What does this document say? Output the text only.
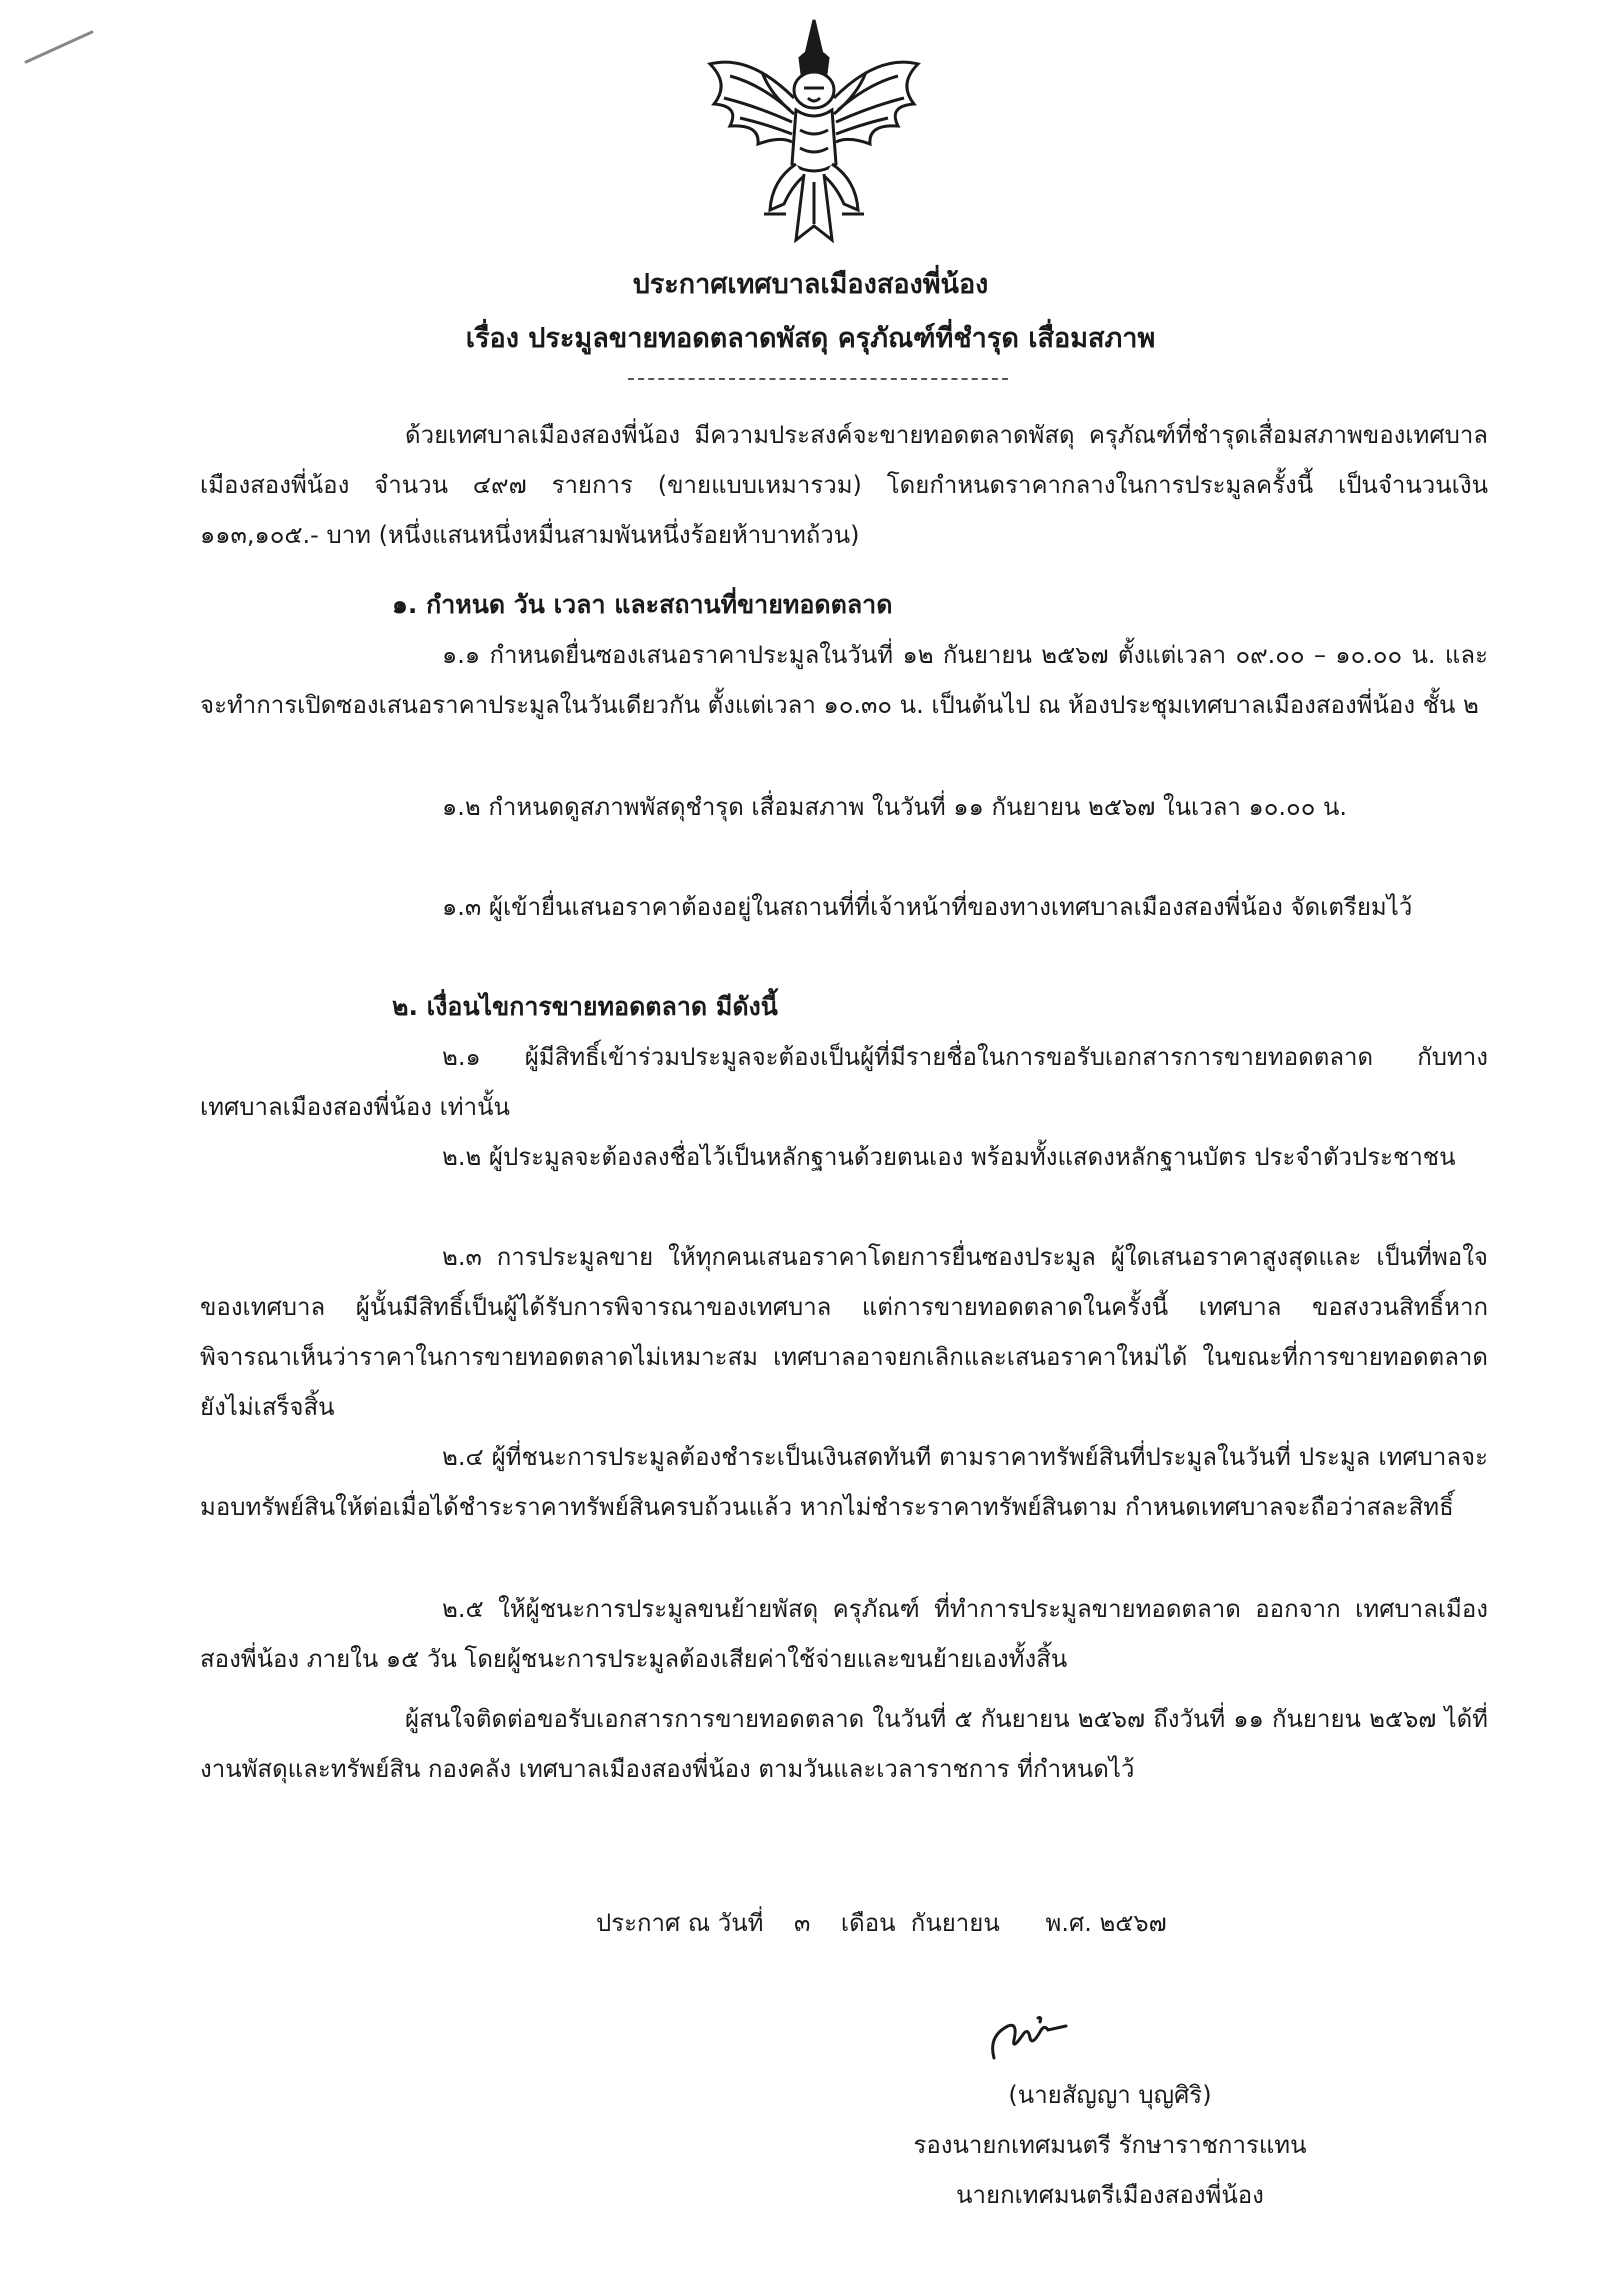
ประกาศเทศบาลเมืองสองพี่น้อง
เรื่อง ประมูลขายทอดตลาดพัสดุ ครุภัณฑ์ที่ชำรุด เสื่อมสภาพ
ด้วยเทศบาลเมืองสองพี่น้อง มีความประสงค์จะขายทอดตลาดพัสดุ ครุภัณฑ์ที่ชำรุดเสื่อมสภาพของเทศบาลเมืองสองพี่น้อง จำนวน ๔๙๗ รายการ (ขายแบบเหมารวม) โดยกำหนดราคากลางในการประมูลครั้งนี้ เป็นจำนวนเงิน ๑๑๓,๑๐๕.- บาท (หนึ่งแสนหนึ่งหมื่นสามพันหนึ่งร้อยห้าบาทถ้วน)
๑. กำหนด วัน เวลา และสถานที่ขายทอดตลาด
๑.๑ กำหนดยื่นซองเสนอราคาประมูลในวันที่ ๑๒ กันยายน ๒๕๖๗ ตั้งแต่เวลา ๐๙.๐๐ – ๑๐.๐๐ น. และจะทำการเปิดซองเสนอราคาประมูลในวันเดียวกัน ตั้งแต่เวลา ๑๐.๓๐ น. เป็นต้นไป ณ ห้องประชุมเทศบาลเมืองสองพี่น้อง ชั้น ๒
๑.๒ กำหนดดูสภาพพัสดุชำรุด เสื่อมสภาพ ในวันที่ ๑๑ กันยายน ๒๕๖๗ ในเวลา ๑๐.๐๐ น.
๑.๓ ผู้เข้ายื่นเสนอราคาต้องอยู่ในสถานที่ที่เจ้าหน้าที่ของทางเทศบาลเมืองสองพี่น้อง จัดเตรียมไว้
๒. เงื่อนไขการขายทอดตลาด มีดังนี้
๒.๑ ผู้มีสิทธิ์เข้าร่วมประมูลจะต้องเป็นผู้ที่มีรายชื่อในการขอรับเอกสารการขายทอดตลาด กับทางเทศบาลเมืองสองพี่น้อง เท่านั้น
๒.๒ ผู้ประมูลจะต้องลงชื่อไว้เป็นหลักฐานด้วยตนเอง พร้อมทั้งแสดงหลักฐานบัตร ประจำตัวประชาชน
๒.๓ การประมูลขาย ให้ทุกคนเสนอราคาโดยการยื่นซองประมูล ผู้ใดเสนอราคาสูงสุดและ เป็นที่พอใจของเทศบาล ผู้นั้นมีสิทธิ์เป็นผู้ได้รับการพิจารณาของเทศบาล แต่การขายทอดตลาดในครั้งนี้ เทศบาล ขอสงวนสิทธิ์หากพิจารณาเห็นว่าราคาในการขายทอดตลาดไม่เหมาะสม เทศบาลอาจยกเลิกและเสนอราคาใหม่ได้ ในขณะที่การขายทอดตลาดยังไม่เสร็จสิ้น
๒.๔ ผู้ที่ชนะการประมูลต้องชำระเป็นเงินสดทันที ตามราคาทรัพย์สินที่ประมูลในวันที่ ประมูล เทศบาลจะมอบทรัพย์สินให้ต่อเมื่อได้ชำระราคาทรัพย์สินครบถ้วนแล้ว หากไม่ชำระราคาทรัพย์สินตาม กำหนดเทศบาลจะถือว่าสละสิทธิ์
๒.๕ ให้ผู้ชนะการประมูลขนย้ายพัสดุ ครุภัณฑ์ ที่ทำการประมูลขายทอดตลาด ออกจาก เทศบาลเมืองสองพี่น้อง ภายใน ๑๕ วัน โดยผู้ชนะการประมูลต้องเสียค่าใช้จ่ายและขนย้ายเองทั้งสิ้น
ผู้สนใจติดต่อขอรับเอกสารการขายทอดตลาด ในวันที่ ๕ กันยายน ๒๕๖๗ ถึงวันที่ ๑๑ กันยายน ๒๕๖๗ ได้ที่งานพัสดุและทรัพย์สิน กองคลัง เทศบาลเมืองสองพี่น้อง ตามวันและเวลาราชการ ที่กำหนดไว้
ประกาศ ณ วันที่    ๓    เดือน  กันยายน      พ.ศ. ๒๕๖๗
(นายสัญญา บุญศิริ)
รองนายกเทศมนตรี รักษาราชการแทน
นายกเทศมนตรีเมืองสองพี่น้อง
